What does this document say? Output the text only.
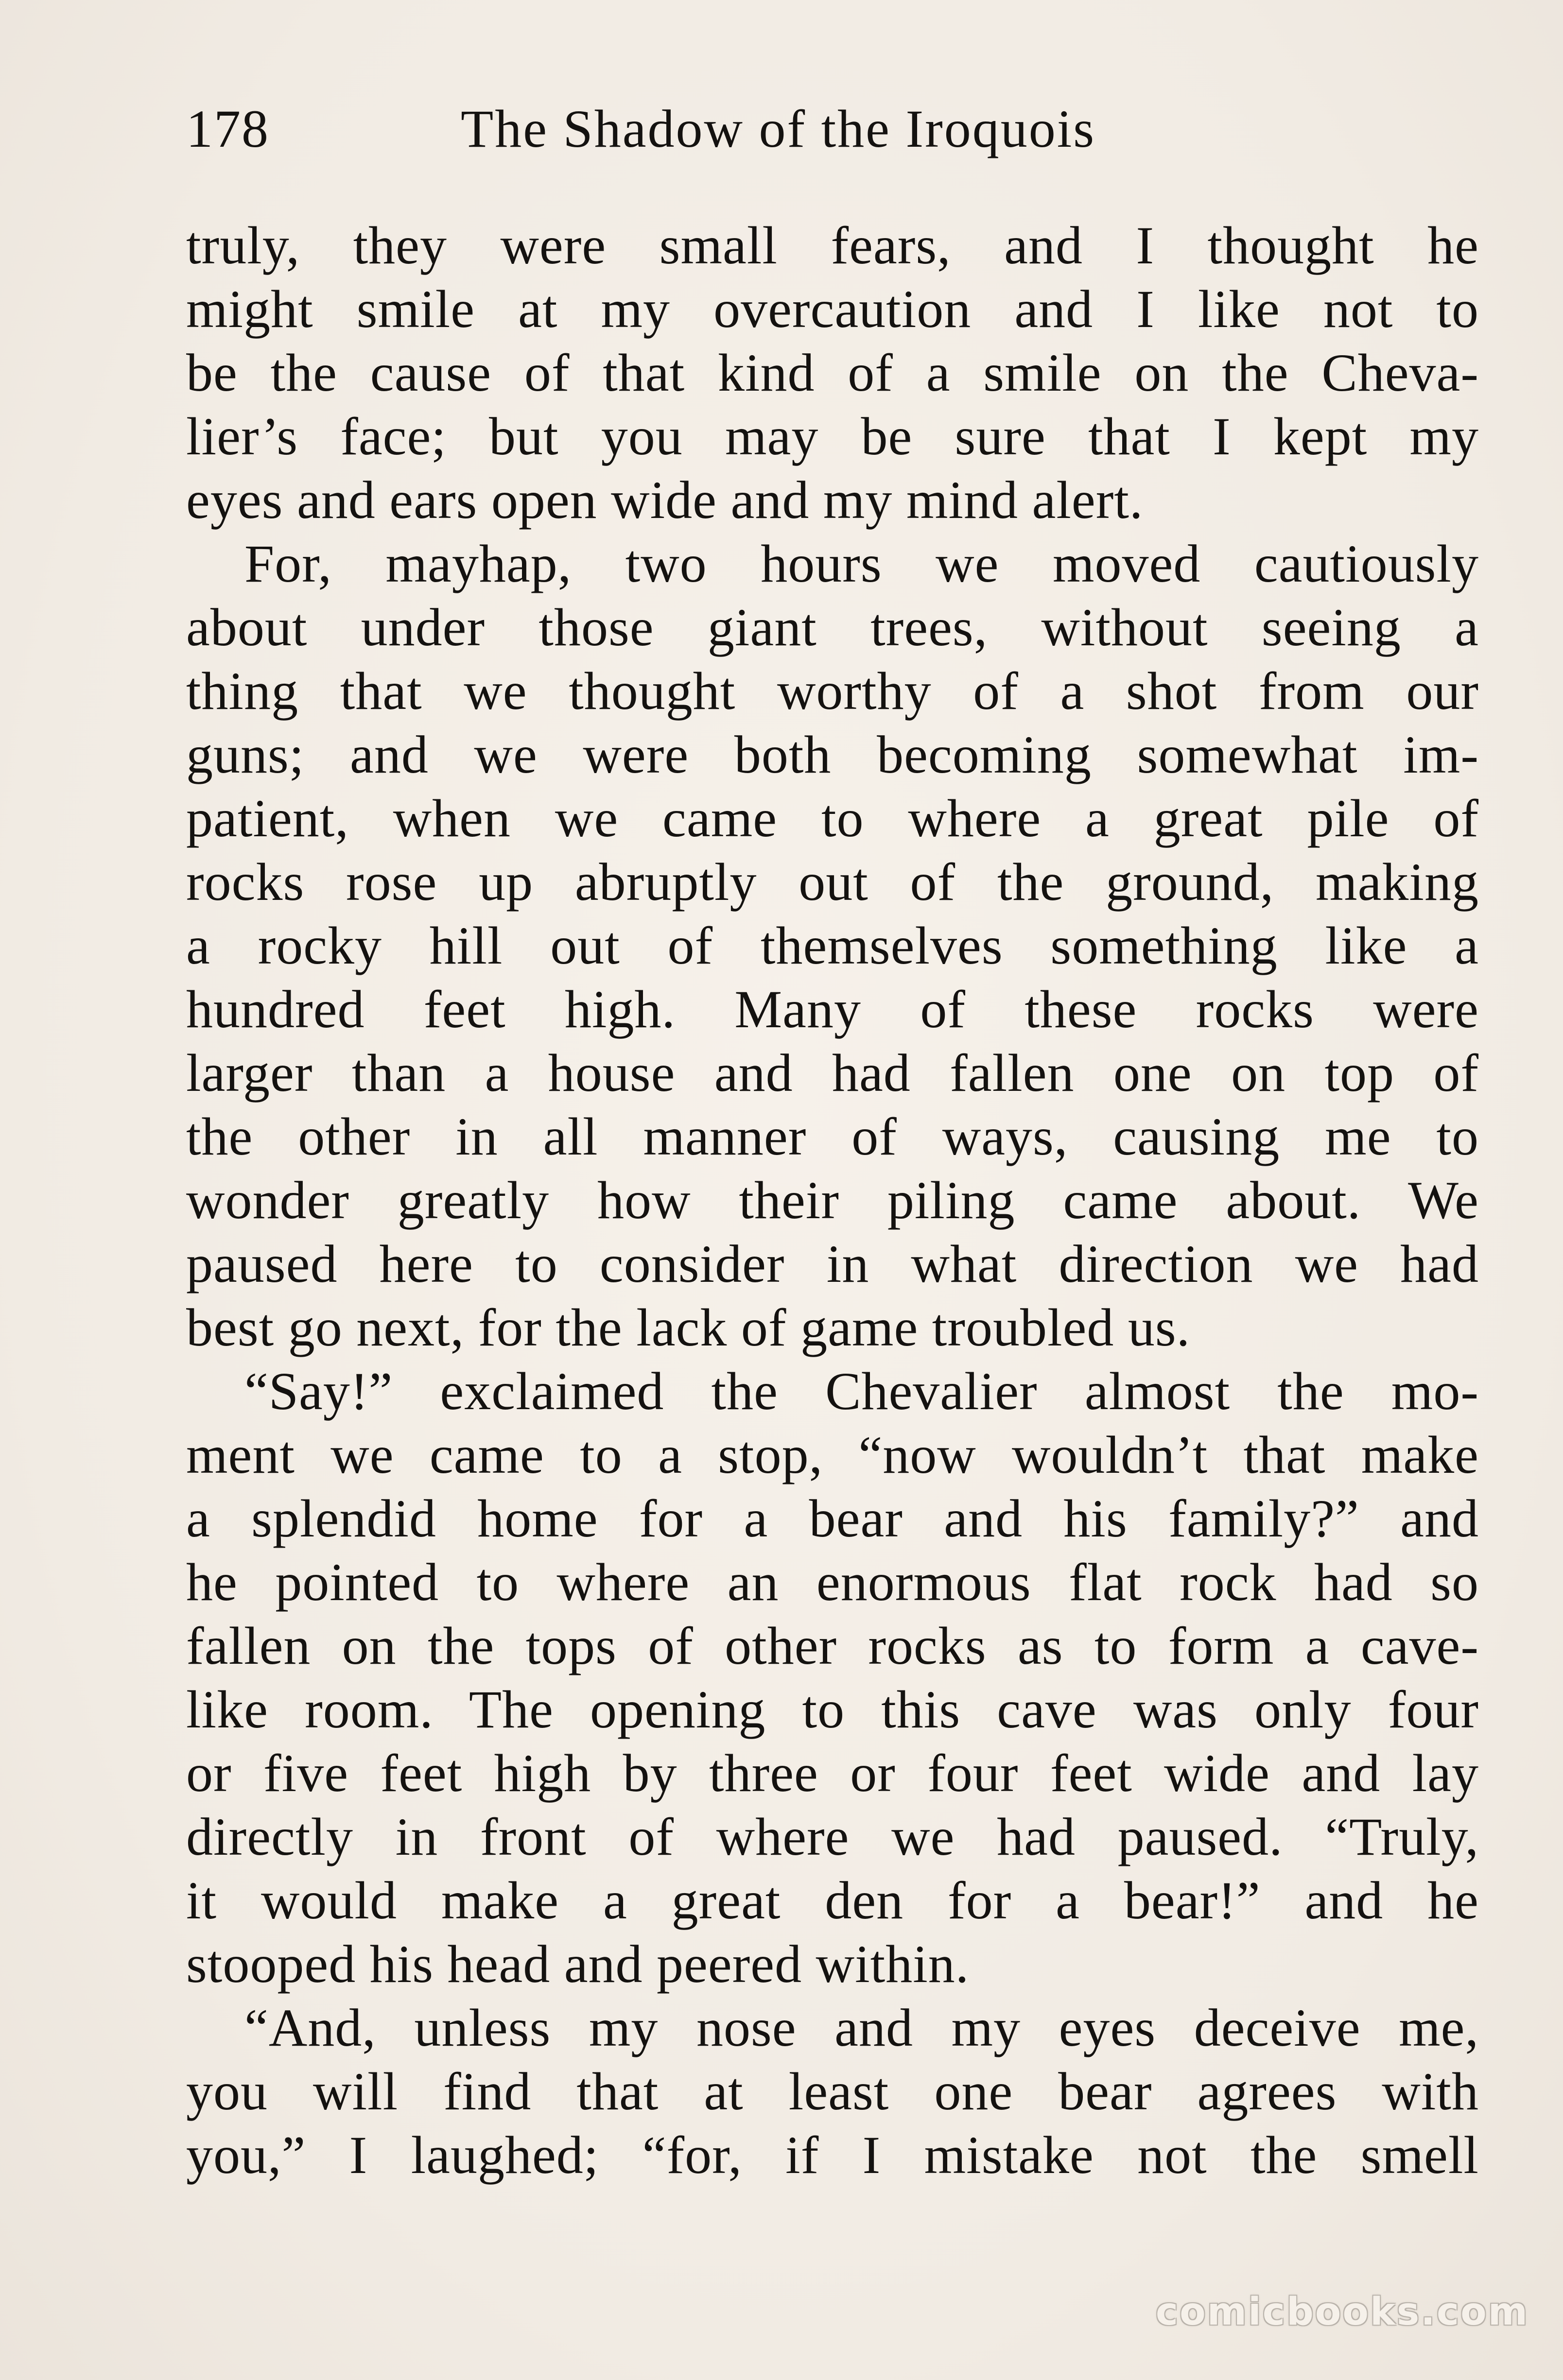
178	The Shadow of the Iroquois
truly, they were small fears, and I thought he
might smile at my overcaution and I like not to
be the cause of that kind of a smile on the Cheva-
lier’s face; but you may be sure that I kept my
eyes and ears open wide and my mind alert.
For, mayhap, two hours we moved cautiously
about under those giant trees, without seeing a
thing that we thought worthy of a shot from our
guns; and we were both becoming somewhat im-
patient, when we came to where a great pile of
rocks rose up abruptly out of the ground, making
a rocky hill out of themselves something like a
hundred feet high. Many of these rocks were
larger than a house and had fallen one on top of
the other in all manner of ways, causing me to
wonder greatly how their piling came about. We
paused here to consider in what direction we had
best go next, for the lack of game troubled us.
“Say!” exclaimed the Chevalier almost the mo-
ment we came to a stop, “now wouldn’t that make
a splendid home for a bear and his family?” and
he pointed to where an enormous flat rock had so
fallen on the tops of other rocks as to form a cave-
like room. The opening to this cave was only four
or five feet high by three or four feet wide and lay
directly in front of where we had paused. “Truly,
it would make a great den for a bear!” and he
stooped his head and peered within.
“And, unless my nose and my eyes deceive me,
you will find that at least one bear agrees with
you,” I laughed; “for, if I mistake not the smell
comicbooks.com
